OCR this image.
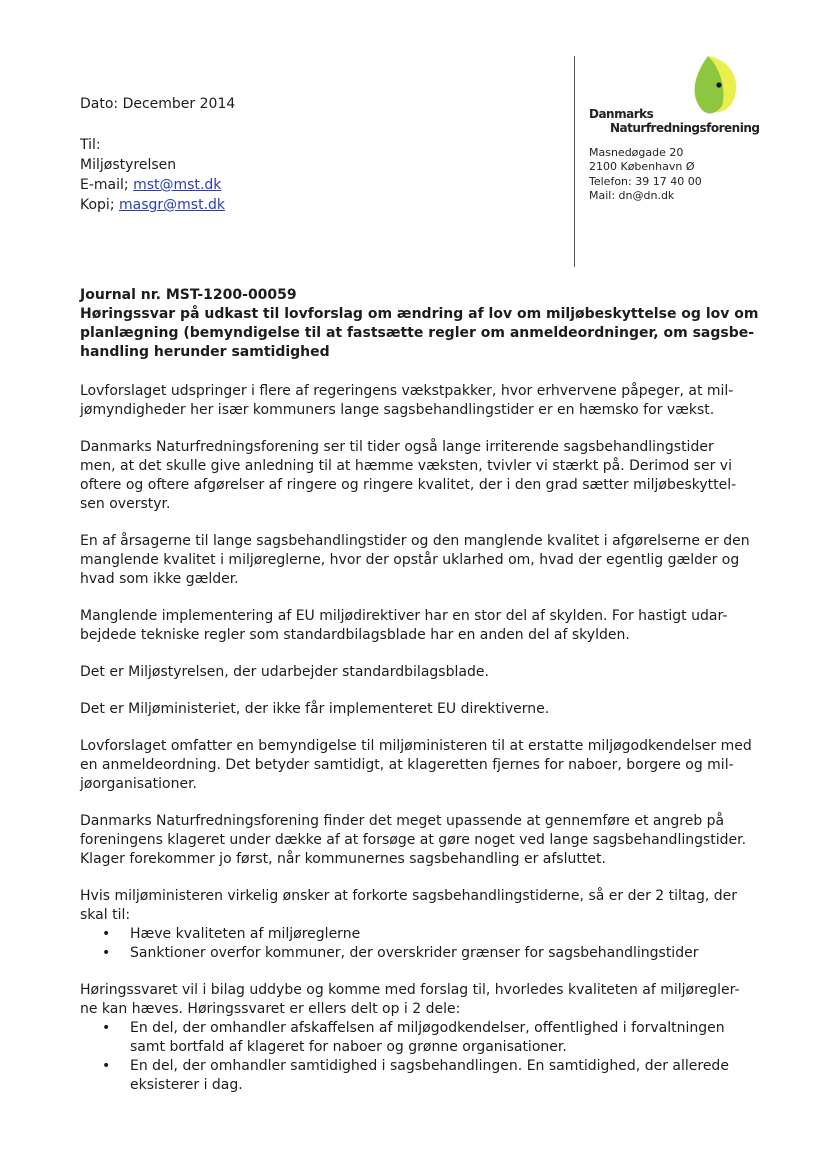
Dato: December 2014
Til:
Miljøstyrelsen
E-mail; mst@mst.dk
Kopi; masgr@mst.dk
Danmarks
Naturfredningsforening
Masnedøgade 20
2100 København Ø
Telefon: 39 17 40 00
Mail: dn@dn.dk
Journal nr. MST-1200-00059
Høringssvar på udkast til lovforslag om ændring af lov om miljøbeskyttelse og lov om
planlægning (bemyndigelse til at fastsætte regler om anmeldeordninger, om sagsbe-
handling herunder samtidighed

Lovforslaget udspringer i flere af regeringens vækstpakker, hvor erhvervene påpeger, at mil-
jømyndigheder her især kommuners lange sagsbehandlingstider er en hæmsko for vækst.

Danmarks Naturfredningsforening ser til tider også lange irriterende sagsbehandlingstider
men, at det skulle give anledning til at hæmme væksten, tvivler vi stærkt på. Derimod ser vi
oftere og oftere afgørelser af ringere og ringere kvalitet, der i den grad sætter miljøbeskyttel-
sen overstyr.

En af årsagerne til lange sagsbehandlingstider og den manglende kvalitet i afgørelserne er den
manglende kvalitet i miljøreglerne, hvor der opstår uklarhed om, hvad der egentlig gælder og
hvad som ikke gælder.

Manglende implementering af EU miljødirektiver har en stor del af skylden. For hastigt udar-
bejdede tekniske regler som standardbilagsblade har en anden del af skylden.

Det er Miljøstyrelsen, der udarbejder standardbilagsblade.

Det er Miljøministeriet, der ikke får implementeret EU direktiverne.

Lovforslaget omfatter en bemyndigelse til miljøministeren til at erstatte miljøgodkendelser med
en anmeldeordning. Det betyder samtidigt, at klageretten fjernes for naboer, borgere og mil-
jøorganisationer.

Danmarks Naturfredningsforening finder det meget upassende at gennemføre et angreb på
foreningens klageret under dække af at forsøge at gøre noget ved lange sagsbehandlingstider.
Klager forekommer jo først, når kommunernes sagsbehandling er afsluttet.

Hvis miljøministeren virkelig ønsker at forkorte sagsbehandlingstiderne, så er der 2 tiltag, der
skal til:

• Hæve kvaliteten af miljøreglerne
• Sanktioner overfor kommuner, der overskrider grænser for sagsbehandlingstider

Høringssvaret vil i bilag uddybe og komme med forslag til, hvorledes kvaliteten af miljøregler-
ne kan hæves. Høringssvaret er ellers delt op i 2 dele:

• En del, der omhandler afskaffelsen af miljøgodkendelser, offentlighed i forvaltningen
samt bortfald af klageret for naboer og grønne organisationer.
• En del, der omhandler samtidighed i sagsbehandlingen. En samtidighed, der allerede
eksisterer i dag.
